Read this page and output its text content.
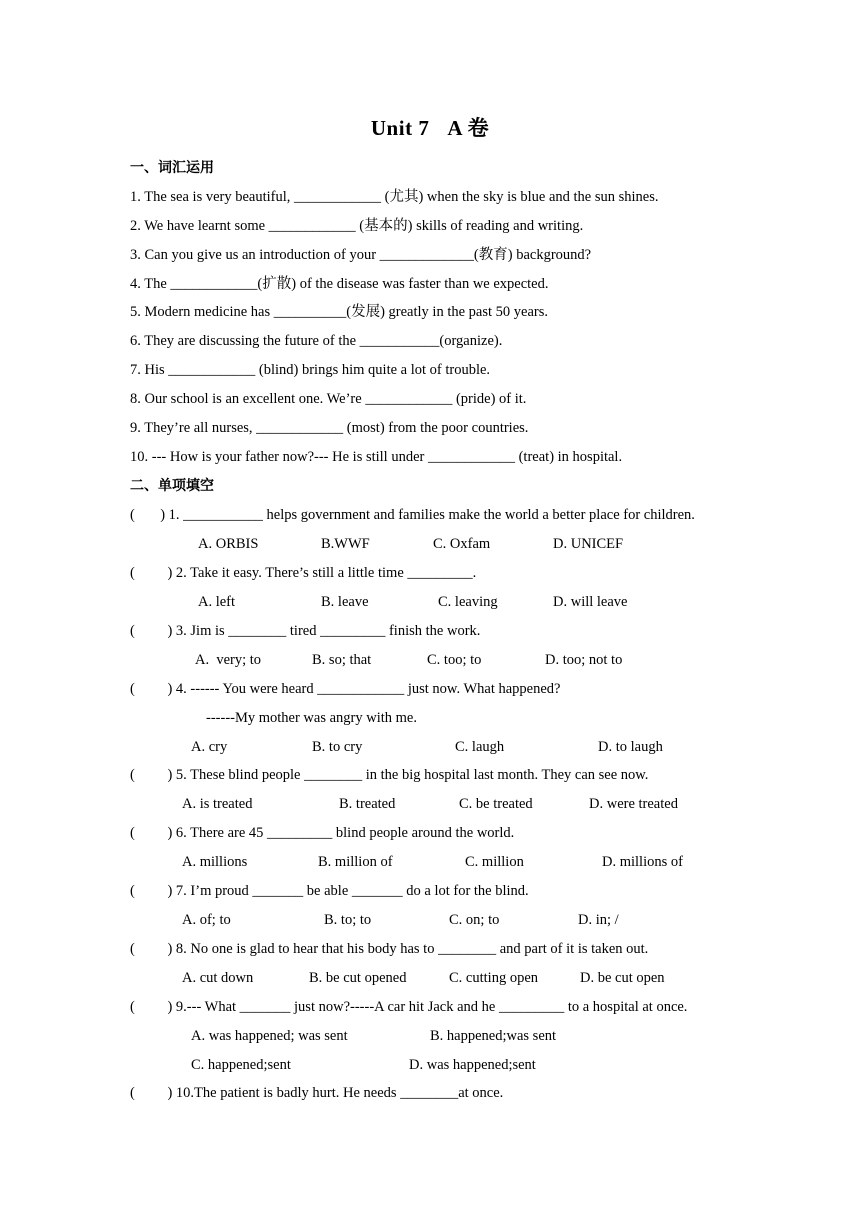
Unit 7 A 卷
一、词汇运用
1. The sea is very beautiful, ____________ (尤其) when the sky is blue and the sun shines.
2. We have learnt some ____________ (基本的) skills of reading and writing.
3. Can you give us an introduction of your _____________(教育) background?
4. The ____________(扩散) of the disease was faster than we expected.
5. Modern medicine has __________(发展) greatly in the past 50 years.
6. They are discussing the future of the ___________(organize).
7. His ____________ (blind) brings him quite a lot of trouble.
8. Our school is an excellent one. We’re ____________ (pride) of it.
9. They’re all nurses, ____________ (most) from the poor countries.
10. --- How is your father now?--- He is still under ____________ (treat) in hospital.
二、单项填空
(       ) 1. ___________ helps government and families make the world a better place for children.
A. ORBIS	B.WWF	C. Oxfam	D. UNICEF
(         ) 2. Take it easy. There’s still a little time _________.
A. left	B. leave	C. leaving	D. will leave
(         ) 3. Jim is ________ tired _________ finish the work.
A.  very; to	B. so; that	C. too; to	D. too; not to
(         ) 4. ------ You were heard ____________ just now. What happened?
------My mother was angry with me.
A. cry	B. to cry	C. laugh	D. to laugh
(         ) 5. These blind people ________ in the big hospital last month. They can see now.
A. is treated	B. treated	C. be treated	D. were treated
(         ) 6. There are 45 _________ blind people around the world.
A. millions	B. million of	C. million	D. millions of
(         ) 7. I’m proud _______ be able _______ do a lot for the blind.
A. of; to	B. to; to	C. on; to	D. in; /
(         ) 8. No one is glad to hear that his body has to ________ and part of it is taken out.
A. cut down	B. be cut opened	C. cutting open	D. be cut open
(         ) 9.--- What _______ just now?-----A car hit Jack and he _________ to a hospital at once.
A. was happened; was sent	B. happened;was sent
C. happened;sent	D. was happened;sent
(         ) 10.The patient is badly hurt. He needs ________at once.
